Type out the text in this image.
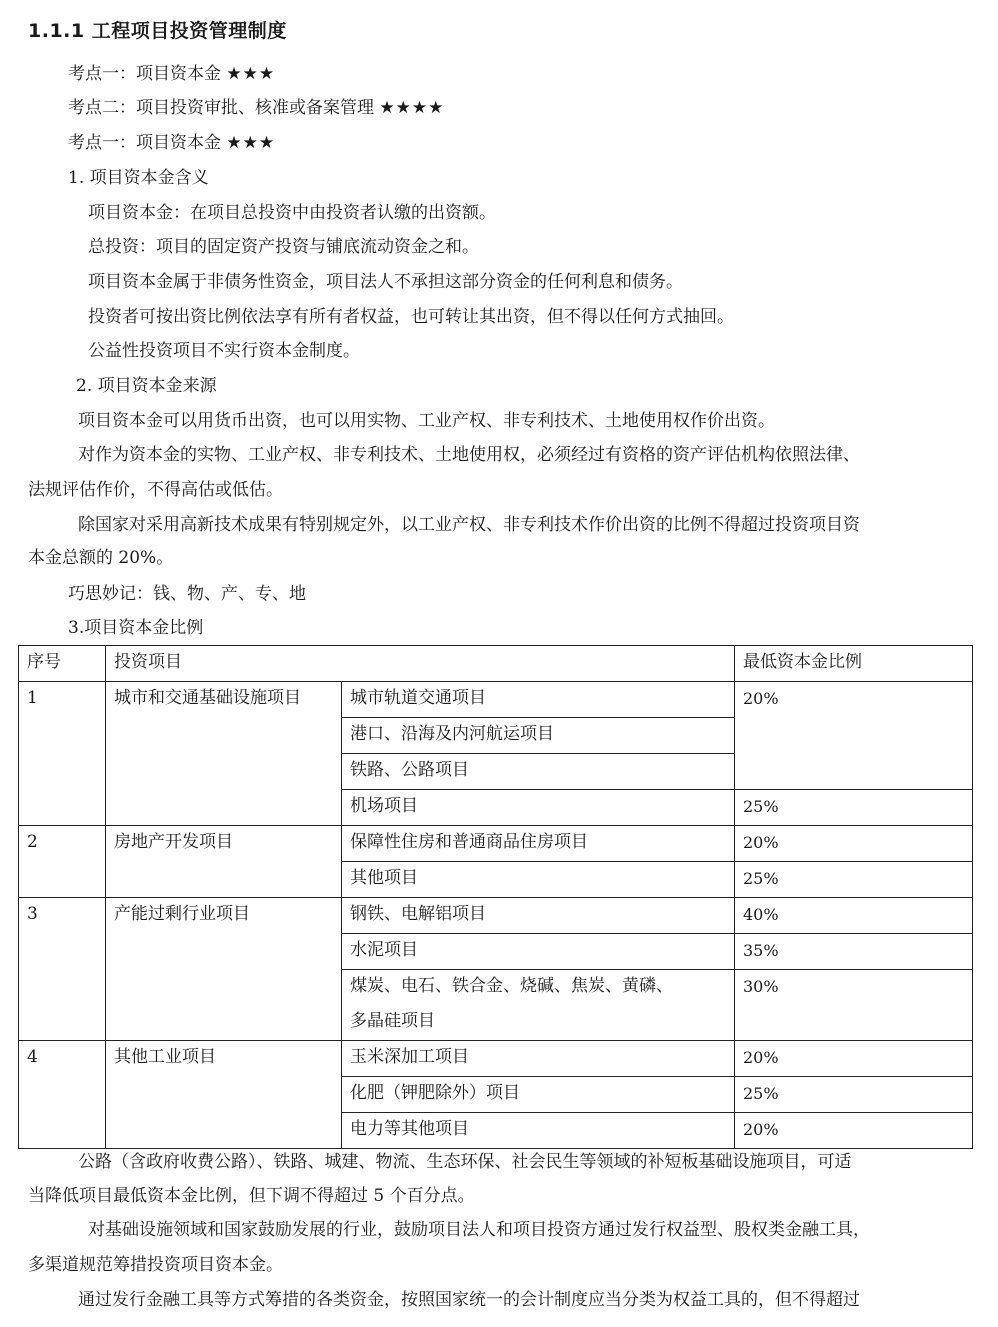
1.1.1 工程项目投资管理制度
考点一：项目资本金 ★★★
考点二：项目投资审批、核准或备案管理 ★★★★
考点一：项目资本金 ★★★
1. 项目资本金含义
项目资本金：在项目总投资中由投资者认缴的出资额。
总投资：项目的固定资产投资与铺底流动资金之和。
项目资本金属于非债务性资金，项目法人不承担这部分资金的任何利息和债务。
投资者可按出资比例依法享有所有者权益，也可转让其出资，但不得以任何方式抽回。
公益性投资项目不实行资本金制度。
2. 项目资本金来源
项目资本金可以用货币出资，也可以用实物、工业产权、非专利技术、土地使用权作价出资。
对作为资本金的实物、工业产权、非专利技术、土地使用权，必须经过有资格的资产评估机构依照法律、
法规评估作价，不得高估或低估。
除国家对采用高新技术成果有特别规定外，以工业产权、非专利技术作价出资的比例不得超过投资项目资
本金总额的 20%。
巧思妙记：钱、物、产、专、地
3.项目资本金比例
序号	投资项目		最低资本金比例
1	城市和交通基础设施项目	城市轨道交通项目	20%
		港口、沿海及内河航运项目	
		铁路、公路项目	
		机场项目	25%
2	房地产开发项目	保障性住房和普通商品住房项目	20%
		其他项目	25%
3	产能过剩行业项目	钢铁、电解铝项目	40%
		水泥项目	35%

		煤炭、电石、铁合金、烧碱、焦炭、黄磷、
多晶硅项目	30%
4	其他工业项目	玉米深加工项目	20%
		化肥（钾肥除外）项目	25%
		电力等其他项目	20%
公路（含政府收费公路）、铁路、城建、物流、生态环保、社会民生等领域的补短板基础设施项目，可适
当降低项目最低资本金比例，但下调不得超过 5 个百分点。
对基础设施领域和国家鼓励发展的行业，鼓励项目法人和项目投资方通过发行权益型、股权类金融工具，
多渠道规范筹措投资项目资本金。
通过发行金融工具等方式筹措的各类资金，按照国家统一的会计制度应当分类为权益工具的，但不得超过
